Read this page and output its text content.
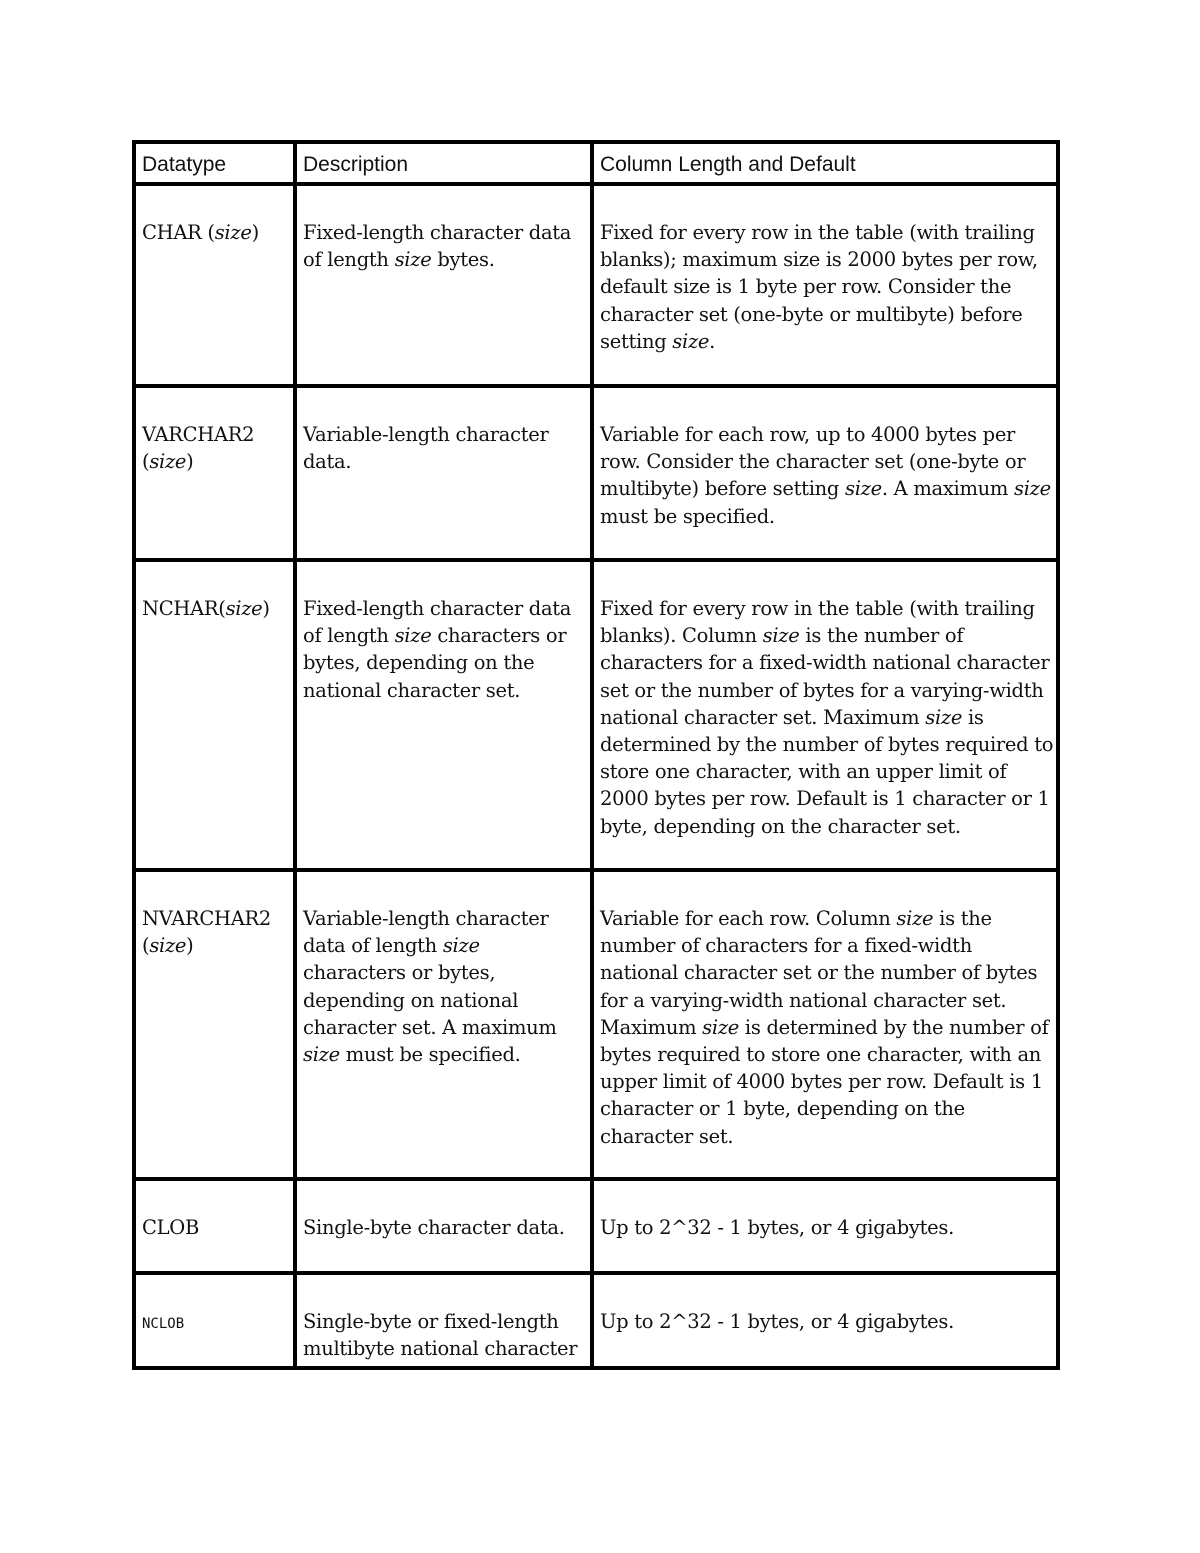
Datatype	Description	Column Length and Default
CHAR (size)	Fixed-length character data of length size bytes.	Fixed for every row in the table (with trailing blanks); maximum size is 2000 bytes per row, default size is 1 byte per row. Consider the character set (one-byte or multibyte) before setting size.
VARCHAR2 (size)	Variable-length character data.	Variable for each row, up to 4000 bytes per row. Consider the character set (one-byte or multibyte) before setting size. A maximum size must be specified.
NCHAR(size)	Fixed-length character data of length size characters or bytes, depending on the national character set.	Fixed for every row in the table (with trailing blanks). Column size is the number of characters for a fixed-width national character set or the number of bytes for a varying-width national character set. Maximum size is determined by the number of bytes required to store one character, with an upper limit of 2000 bytes per row. Default is 1 character or 1 byte, depending on the character set.
NVARCHAR2 (size)	Variable-length character data of length size characters or bytes, depending on national character set. A maximum size must be specified.	Variable for each row. Column size is the number of characters for a fixed-width national character set or the number of bytes for a varying-width national character set. Maximum size is determined by the number of bytes required to store one character, with an upper limit of 4000 bytes per row. Default is 1 character or 1 byte, depending on the character set.
CLOB	Single-byte character data.	Up to 2^32 - 1 bytes, or 4 gigabytes.
NCLOB	Single-byte or fixed-length multibyte national character	Up to 2^32 - 1 bytes, or 4 gigabytes.
